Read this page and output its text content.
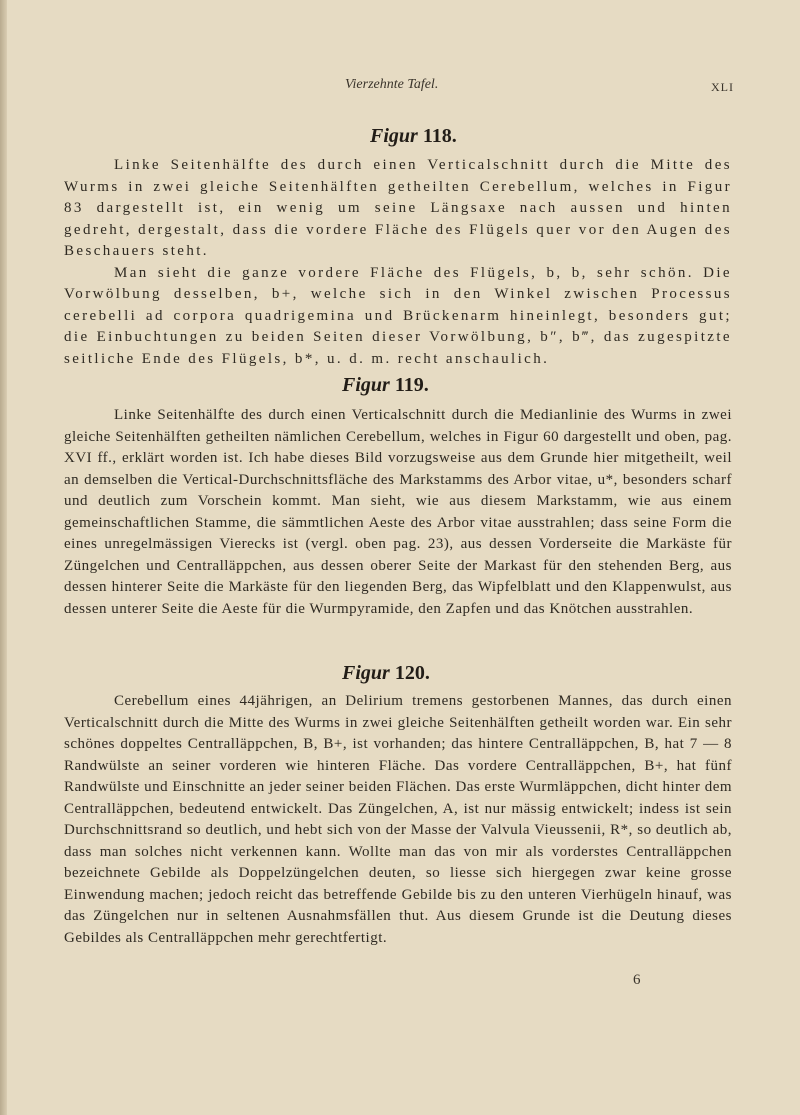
Vierzehnte Tafel.	XLI
Figur 118.

Linke Seitenhälfte des durch einen Verticalschnitt durch die Mitte des Wurms in zwei gleiche Seitenhälften getheilten Cerebellum, welches in Figur 83 dargestellt ist, ein wenig um seine Längsaxe nach aussen und hinten gedreht, dergestalt, dass die vordere Fläche des Flügels quer vor den Augen des Beschauers steht.

Man sieht die ganze vordere Fläche des Flügels, b, b, sehr schön. Die Vorwölbung desselben, b+, welche sich in den Winkel zwischen Processus cerebelli ad corpora quadrigemina und Brückenarm hineinlegt, besonders gut; die Einbuchtungen zu beiden Seiten dieser Vorwölbung, b″, b‴, das zugespitzte seitliche Ende des Flügels, b*, u. d. m. recht anschaulich.

Figur 119.

Linke Seitenhälfte des durch einen Verticalschnitt durch die Medianlinie des Wurms in zwei gleiche Seitenhälften getheilten nämlichen Cerebellum, welches in Figur 60 dargestellt und oben, pag. XVI ff., erklärt worden ist. Ich habe dieses Bild vorzugsweise aus dem Grunde hier mitgetheilt, weil an demselben die Vertical-Durchschnittsfläche des Markstamms des Arbor vitae, u*, besonders scharf und deutlich zum Vorschein kommt. Man sieht, wie aus diesem Markstamm, wie aus einem gemeinschaftlichen Stamme, die sämmtlichen Aeste des Arbor vitae ausstrahlen; dass seine Form die eines unregelmässigen Vierecks ist (vergl. oben pag. 23), aus dessen Vorderseite die Markäste für Züngelchen und Centralläppchen, aus dessen oberer Seite der Markast für den stehenden Berg, aus dessen hinterer Seite die Markäste für den liegenden Berg, das Wipfelblatt und den Klappenwulst, aus dessen unterer Seite die Aeste für die Wurmpyramide, den Zapfen und das Knötchen ausstrahlen.

Figur 120.

Cerebellum eines 44jährigen, an Delirium tremens gestorbenen Mannes, das durch einen Verticalschnitt durch die Mitte des Wurms in zwei gleiche Seitenhälften getheilt worden war. Ein sehr schönes doppeltes Centralläppchen, B, B+, ist vorhanden; das hintere Centralläppchen, B, hat 7 — 8 Randwülste an seiner vorderen wie hinteren Fläche. Das vordere Centralläppchen, B+, hat fünf Randwülste und Einschnitte an jeder seiner beiden Flächen. Das erste Wurmläppchen, dicht hinter dem Centralläppchen, bedeutend entwickelt. Das Züngelchen, A, ist nur mässig entwickelt; indess ist sein Durchschnittsrand so deutlich, und hebt sich von der Masse der Valvula Vieussenii, R*, so deutlich ab, dass man solches nicht verkennen kann. Wollte man das von mir als vorderstes Centralläppchen bezeichnete Gebilde als Doppelzüngelchen deuten, so liesse sich hiergegen zwar keine grosse Einwendung machen; jedoch reicht das betreffende Gebilde bis zu den unteren Vierhügeln hinauf, was das Züngelchen nur in seltenen Ausnahmsfällen thut. Aus diesem Grunde ist die Deutung dieses Gebildes als Centralläppchen mehr gerechtfertigt.

6
